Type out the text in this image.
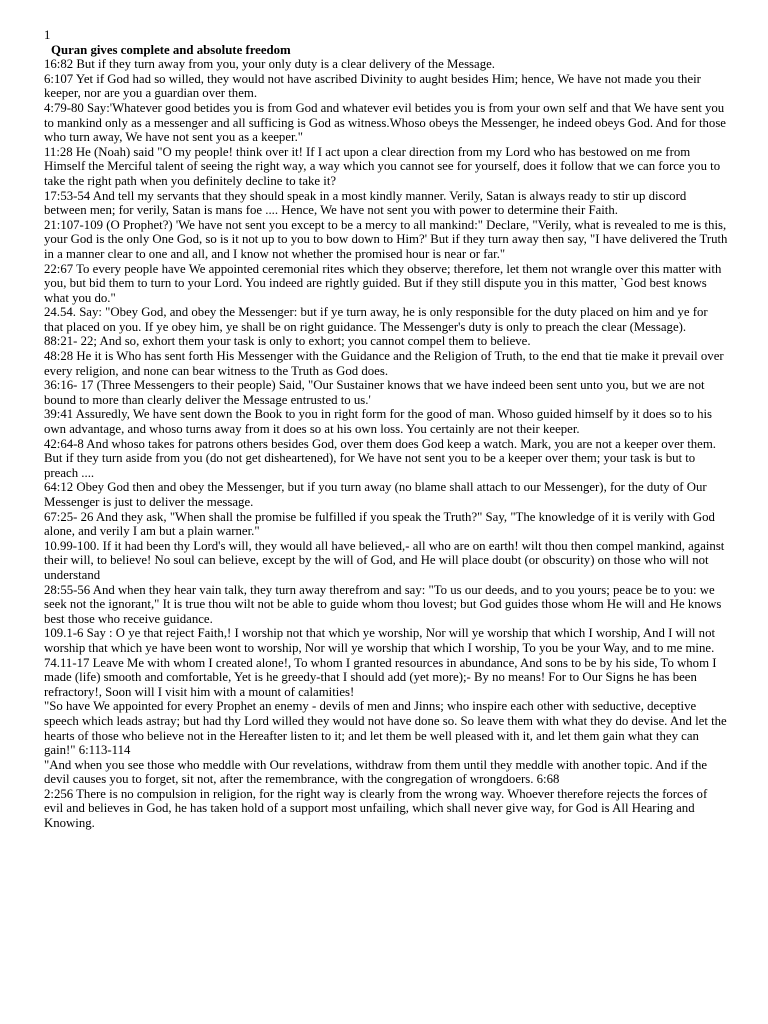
1
Quran gives complete and absolute freedom

16:82 But if they turn away from you, your only duty is a clear delivery of the Message.

6:107 Yet if God had so willed, they would not have ascribed Divinity to aught besides Him; hence, We have not made you their keeper, nor are you a guardian over them.

4:79-80 Say:'Whatever good betides you is from God and whatever evil betides you is from your own self and that We have sent you to mankind only as a messenger and all sufficing is God as witness.Whoso obeys the Messenger, he indeed obeys God. And for those who turn away, We have not sent you as a keeper."

11:28 He (Noah) said "O my people! think over it! If I act upon a clear direction from my Lord who has bestowed on me from Himself the Merciful talent of seeing the right way, a way which you cannot see for yourself, does it follow that we can force you to take the right path when you definitely decline to take it?

17:53-54 And tell my servants that they should speak in a most kindly manner. Verily, Satan is always ready to stir up discord between men; for verily, Satan is mans foe .... Hence, We have not sent you with power to determine their Faith.

21:107-109 (O Prophet?) 'We have not sent you except to be a mercy to all mankind:" Declare, "Verily, what is revealed to me is this, your God is the only One God, so is it not up to you to bow down to Him?' But if they turn away then say, "I have delivered the Truth in a manner clear to one and all, and I know not whether the promised hour is near or far."

22:67 To every people have We appointed ceremonial rites which they observe; therefore, let them not wrangle over this matter with you, but bid them to turn to your Lord. You indeed are rightly guided. But if they still dispute you in this matter, `God best knows what you do."

24.54. Say: "Obey God, and obey the Messenger: but if ye turn away, he is only responsible for the duty placed on him and ye for that placed on you. If ye obey him, ye shall be on right guidance. The Messenger's duty is only to preach the clear (Message).

88:21- 22; And so, exhort them your task is only to exhort; you cannot compel them to believe.

48:28 He it is Who has sent forth His Messenger with the Guidance and the Religion of Truth, to the end that tie make it prevail over every religion, and none can bear witness to the Truth as God does.

36:16- 17 (Three Messengers to their people) Said, "Our Sustainer knows that we have indeed been sent unto you, but we are not bound to more than clearly deliver the Message entrusted to us.'

39:41 Assuredly, We have sent down the Book to you in right form for the good of man. Whoso guided himself by it does so to his own advantage, and whoso turns away from it does so at his own loss. You certainly are not their keeper.

42:64-8 And whoso takes for patrons others besides God, over them does God keep a watch. Mark, you are not a keeper over them. But if they turn aside from you (do not get disheartened), for We have not sent you to be a keeper over them; your task is but to preach ....

64:12 Obey God then and obey the Messenger, but if you turn away (no blame shall attach to our Messenger), for the duty of Our Messenger is just to deliver the message.

67:25- 26 And they ask, "When shall the promise be fulfilled if you speak the Truth?" Say, "The knowledge of it is verily with God alone, and verily I am but a plain warner."

10.99-100. If it had been thy Lord's will, they would all have believed,- all who are on earth! wilt thou then compel mankind, against their will, to believe! No soul can believe, except by the will of God, and He will place doubt (or obscurity) on those who will not understand

28:55-56 And when they hear vain talk, they turn away therefrom and say: "To us our deeds, and to you yours; peace be to you: we seek not the ignorant," It is true thou wilt not be able to guide whom thou lovest; but God guides those whom He will and He knows best those who receive guidance.

109.1-6 Say : O ye that reject Faith,! I worship not that which ye worship, Nor will ye worship that which I worship, And I will not worship that which ye have been wont to worship, Nor will ye worship that which I worship, To you be your Way, and to me mine.

74.11-17 Leave Me with whom I created alone!, To whom I granted resources in abundance, And sons to be by his side, To whom I made (life) smooth and comfortable, Yet is he greedy-that I should add (yet more);- By no means! For to Our Signs he has been refractory!, Soon will I visit him with a mount of calamities!

"So have We appointed for every Prophet an enemy - devils of men and Jinns; who inspire each other with seductive, deceptive speech which leads astray; but had thy Lord willed they would not have done so. So leave them with what they do devise. And let the hearts of those who believe not in the Hereafter listen to it; and let them be well pleased with it, and let them gain what they can gain!" 6:113-114

"And when you see those who meddle with Our revelations, withdraw from them until they meddle with another topic. And if the devil causes you to forget, sit not, after the remembrance, with the congregation of wrongdoers. 6:68

2:256 There is no compulsion in religion, for the right way is clearly from the wrong way. Whoever therefore rejects the forces of evil and believes in God, he has taken hold of a support most unfailing, which shall never give way, for God is All Hearing and Knowing.
